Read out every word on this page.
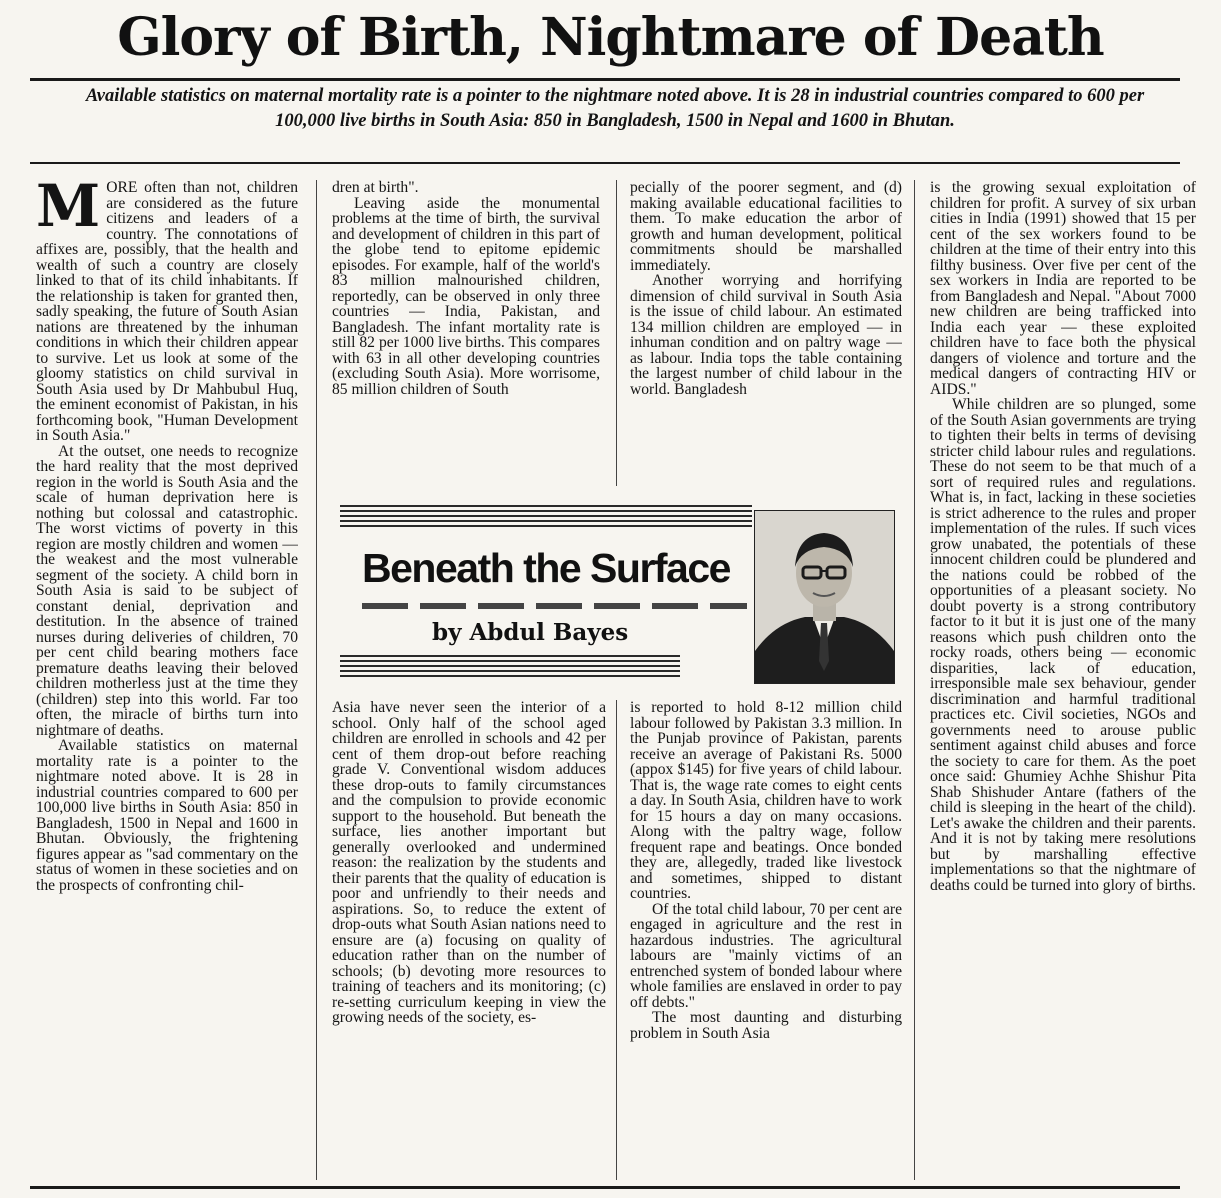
Glory of Birth, Nightmare of Death
Available statistics on maternal mortality rate is a pointer to the nightmare noted above. It is 28 in industrial countries compared to 600 per 100,000 live births in South Asia: 850 in Bangladesh, 1500 in Nepal and 1600 in Bhutan.

MORE often than not, children are considered as the future citizens and leaders of a country. The connotations of affixes are, possibly, that the health and wealth of such a country are closely linked to that of its child inhabitants. If the relationship is taken for granted then, sadly speaking, the future of South Asian nations are threatened by the inhuman conditions in which their children appear to survive. Let us look at some of the gloomy statistics on child survival in South Asia used by Dr Mahbubul Huq, the eminent economist of Pakistan, in his forthcoming book, "Human Development in South Asia."

At the outset, one needs to recognize the hard reality that the most deprived region in the world is South Asia and the scale of human deprivation here is nothing but colossal and catastrophic. The worst victims of poverty in this region are mostly children and women — the weakest and the most vulnerable segment of the society. A child born in South Asia is said to be subject of constant denial, deprivation and destitution. In the absence of trained nurses during deliveries of children, 70 per cent child bearing mothers face premature deaths leaving their beloved children motherless just at the time they (children) step into this world. Far too often, the miracle of births turn into nightmare of deaths.

Available statistics on maternal mortality rate is a pointer to the nightmare noted above. It is 28 in industrial countries compared to 600 per 100,000 live births in South Asia: 850 in Bangladesh, 1500 in Nepal and 1600 in Bhutan. Obviously, the frightening figures appear as "sad commentary on the status of women in these societies and on the prospects of confronting chil-

dren at birth".

Leaving aside the monumental problems at the time of birth, the survival and development of children in this part of the globe tend to epitome epidemic episodes. For example, half of the world's 83 million malnourished children, reportedly, can be observed in only three countries — India, Pakistan, and Bangladesh. The infant mortality rate is still 82 per 1000 live births. This compares with 63 in all other developing countries (excluding South Asia). More worrisome, 85 million children of South

pecially of the poorer segment, and (d) making available educational facilities to them. To make education the arbor of growth and human development, political commitments should be marshalled immediately.

Another worrying and horrifying dimension of child survival in South Asia is the issue of child labour. An estimated 134 million children are employed — in inhuman condition and on paltry wage — as labour. India tops the table containing the largest number of child labour in the world. Bangladesh

is the growing sexual exploitation of children for profit. A survey of six urban cities in India (1991) showed that 15 per cent of the sex workers found to be children at the time of their entry into this filthy business. Over five per cent of the sex workers in India are reported to be from Bangladesh and Nepal. "About 7000 new children are being trafficked into India each year — these exploited children have to face both the physical dangers of violence and torture and the medical dangers of contracting HIV or AIDS."

While children are so plunged, some of the South Asian governments are trying to tighten their belts in terms of devising stricter child labour rules and regulations. These do not seem to be that much of a sort of required rules and regulations. What is, in fact, lacking in these societies is strict adherence to the rules and proper implementation of the rules. If such vices grow unabated, the potentials of these innocent children could be plundered and the nations could be robbed of the opportunities of a pleasant society. No doubt poverty is a strong contributory factor to it but it is just one of the many reasons which push children onto the rocky roads, others being — economic disparities, lack of education, irresponsible male sex behaviour, gender discrimination and harmful traditional practices etc. Civil societies, NGOs and governments need to arouse public sentiment against child abuses and force the society to care for them. As the poet once said: Ghumiey Achhe Shishur Pita Shab Shishuder Antare (fathers of the child is sleeping in the heart of the child). Let's awake the children and their parents. And it is not by taking mere resolutions but by marshalling effective implementations so that the nightmare of deaths could be turned into glory of births.

Beneath the Surface
by Abdul Bayes

Asia have never seen the interior of a school. Only half of the school aged children are enrolled in schools and 42 per cent of them drop-out before reaching grade V. Conventional wisdom adduces these drop-outs to family circumstances and the compulsion to provide economic support to the household. But beneath the surface, lies another important but generally overlooked and undermined reason: the realization by the students and their parents that the quality of education is poor and unfriendly to their needs and aspirations. So, to reduce the extent of drop-outs what South Asian nations need to ensure are (a) focusing on quality of education rather than on the number of schools; (b) devoting more resources to training of teachers and its monitoring; (c) re-setting curriculum keeping in view the growing needs of the society, es-

is reported to hold 8-12 million child labour followed by Pakistan 3.3 million. In the Punjab province of Pakistan, parents receive an average of Pakistani Rs. 5000 (appox $145) for five years of child labour. That is, the wage rate comes to eight cents a day. In South Asia, children have to work for 15 hours a day on many occasions. Along with the paltry wage, follow frequent rape and beatings. Once bonded they are, allegedly, traded like livestock and sometimes, shipped to distant countries.

Of the total child labour, 70 per cent are engaged in agriculture and the rest in hazardous industries. The agricultural labours are "mainly victims of an entrenched system of bonded labour where whole families are enslaved in order to pay off debts."

The most daunting and disturbing problem in South Asia
